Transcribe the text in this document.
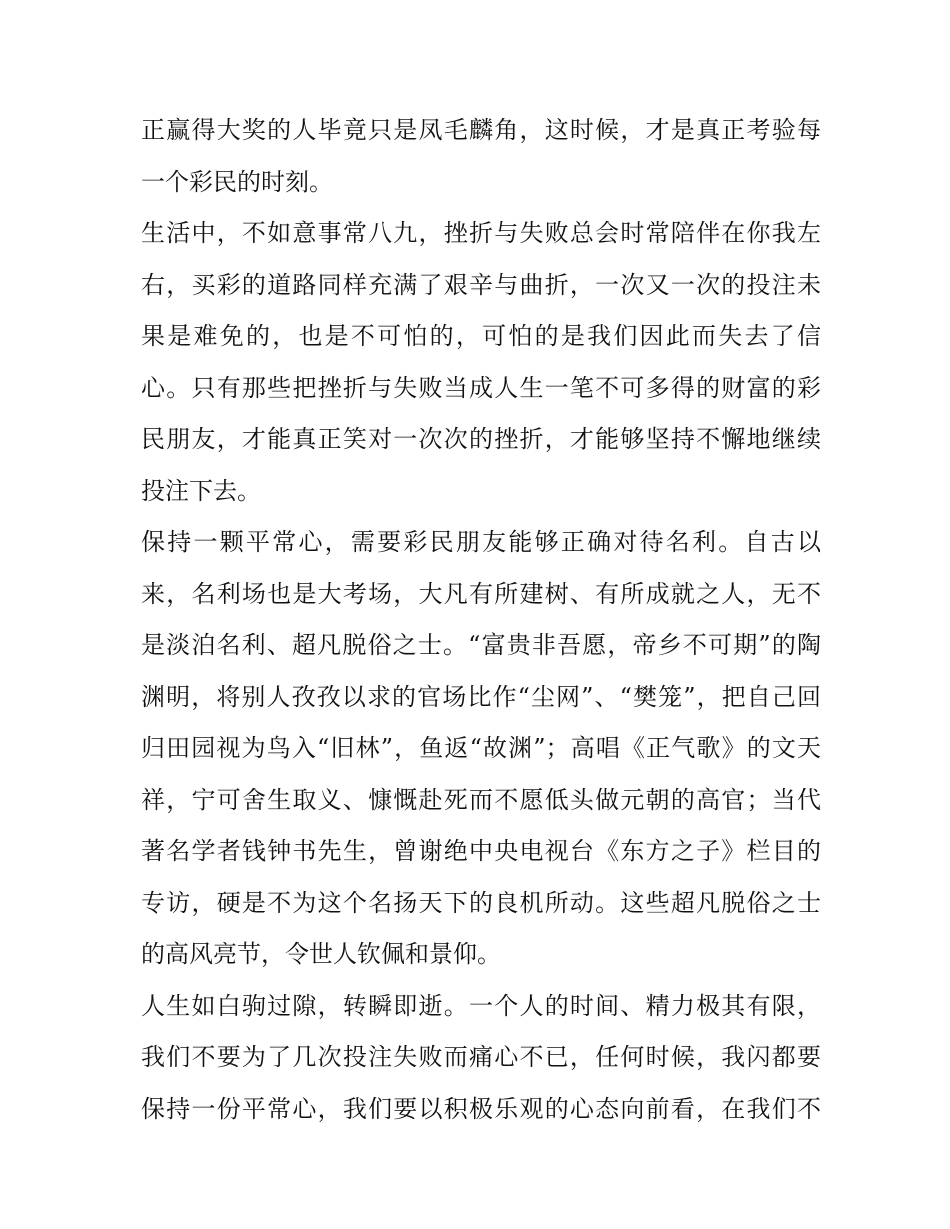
正赢得大奖的人毕竟只是凤毛麟角，这时候，才是真正考验每
一个彩民的时刻。
生活中，不如意事常八九，挫折与失败总会时常陪伴在你我左
右，买彩的道路同样充满了艰辛与曲折，一次又一次的投注未
果是难免的，也是不可怕的，可怕的是我们因此而失去了信
心。只有那些把挫折与失败当成人生一笔不可多得的财富的彩
民朋友，才能真正笑对一次次的挫折，才能够坚持不懈地继续
投注下去。
保持一颗平常心，需要彩民朋友能够正确对待名利。自古以
来，名利场也是大考场，大凡有所建树、有所成就之人，无不
是淡泊名利、超凡脱俗之士。“富贵非吾愿，帝乡不可期”的陶
渊明，将别人孜孜以求的官场比作“尘网”、“樊笼”，把自己回
归田园视为鸟入“旧林”，鱼返“故渊”；高唱《正气歌》的文天
祥，宁可舍生取义、慷慨赴死而不愿低头做元朝的高官；当代
著名学者钱钟书先生，曾谢绝中央电视台《东方之子》栏目的
专访，硬是不为这个名扬天下的良机所动。这些超凡脱俗之士
的高风亮节，令世人钦佩和景仰。
人生如白驹过隙，转瞬即逝。一个人的时间、精力极其有限，
我们不要为了几次投注失败而痛心不已，任何时候，我闪都要
保持一份平常心，我们要以积极乐观的心态向前看，在我们不
